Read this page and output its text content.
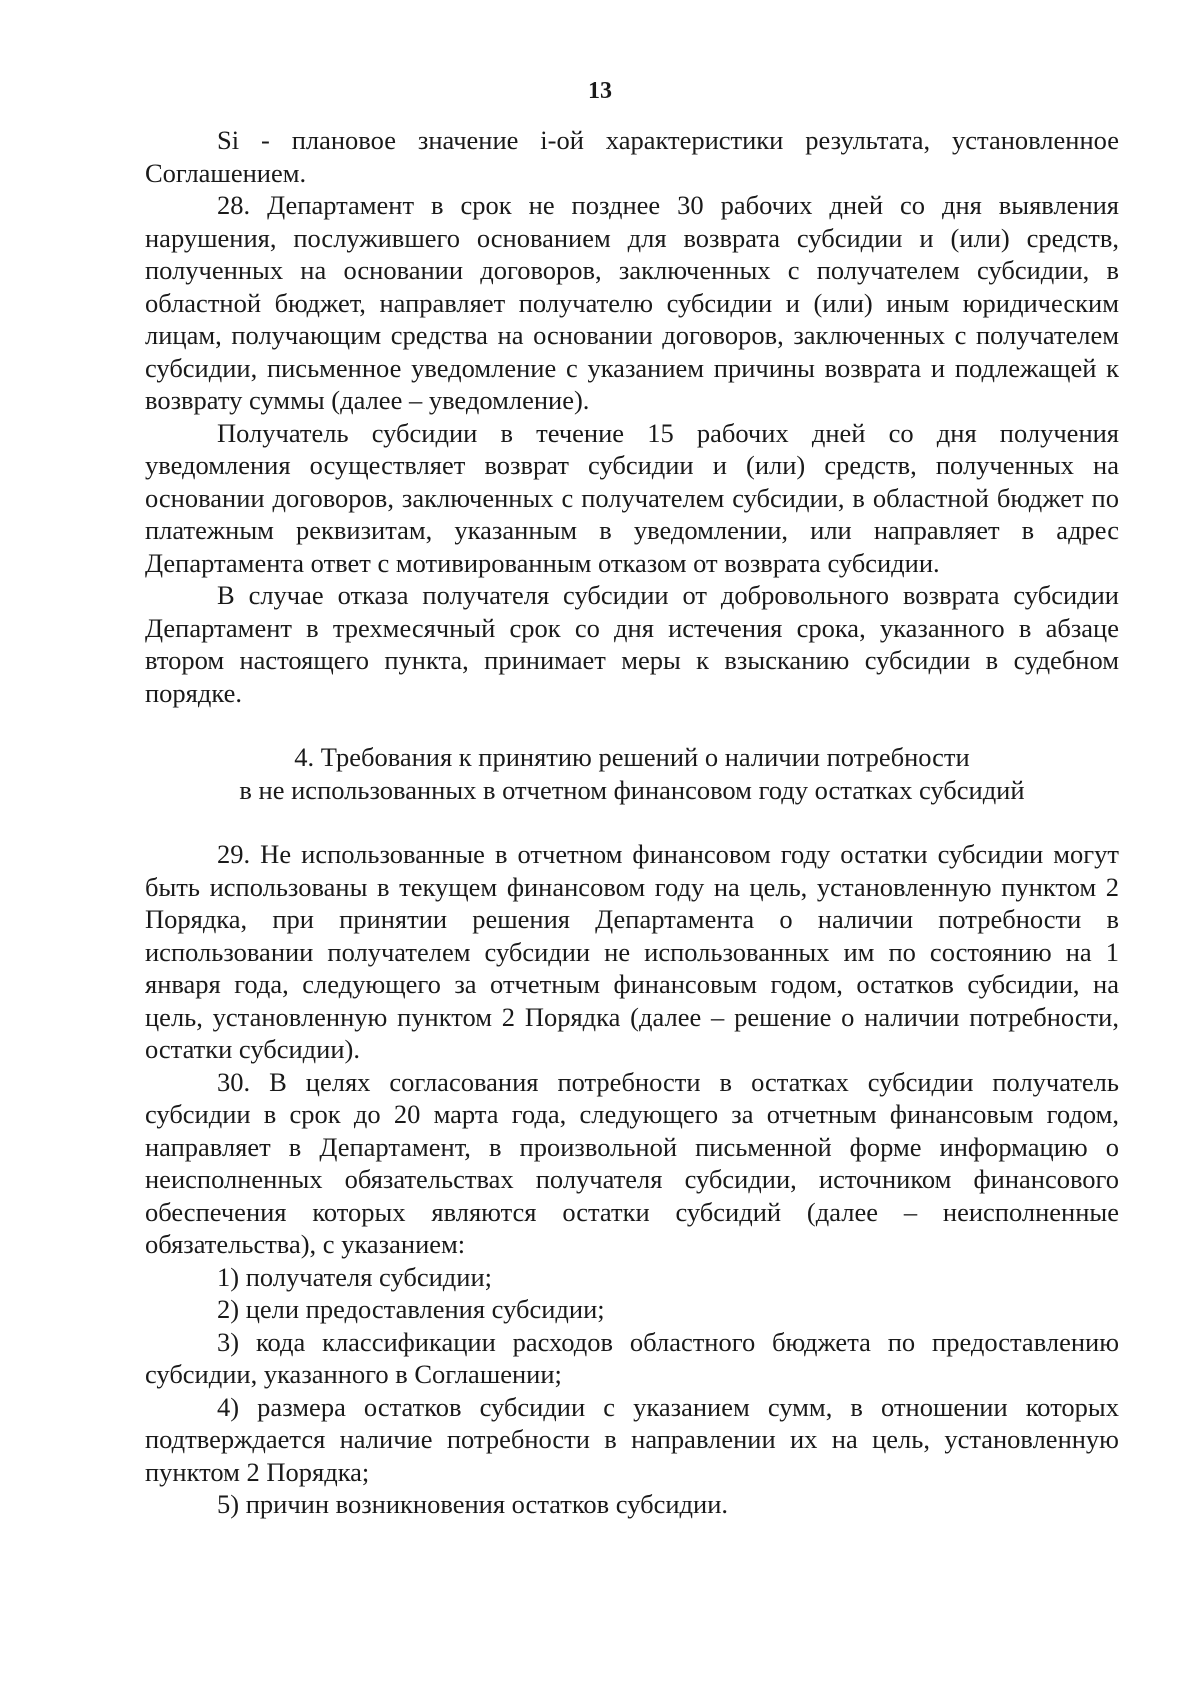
13

Si - плановое значение i-ой характеристики результата, установленное Соглашением.

28. Департамент в срок не позднее 30 рабочих дней со дня выявления нарушения, послужившего основанием для возврата субсидии и (или) средств, полученных на основании договоров, заключенных с получателем субсидии, в областной бюджет, направляет получателю субсидии и (или) иным юридическим лицам, получающим средства на основании договоров, заключенных с получателем субсидии, письменное уведомление с указанием причины возврата и подлежащей к возврату суммы (далее – уведомление).

Получатель субсидии в течение 15 рабочих дней со дня получения уведомления осуществляет возврат субсидии и (или) средств, полученных на основании договоров, заключенных с получателем субсидии, в областной бюджет по платежным реквизитам, указанным в уведомлении, или направляет в адрес Департамента ответ с мотивированным отказом от возврата субсидии.

В случае отказа получателя субсидии от добровольного возврата субсидии Департамент в трехмесячный срок со дня истечения срока, указанного в абзаце втором настоящего пункта, принимает меры к взысканию субсидии в судебном порядке.

4. Требования к принятию решений о наличии потребности

в не использованных в отчетном финансовом году остатках субсидий

29. Не использованные в отчетном финансовом году остатки субсидии могут быть использованы в текущем финансовом году на цель, установленную пунктом 2 Порядка, при принятии решения Департамента о наличии потребности в использовании получателем субсидии не использованных им по состоянию на 1 января года, следующего за отчетным финансовым годом, остатков субсидии, на цель, установленную пунктом 2 Порядка (далее – решение о наличии потребности, остатки субсидии).

30. В целях согласования потребности в остатках субсидии получатель субсидии в срок до 20 марта года, следующего за отчетным финансовым годом, направляет в Департамент, в произвольной письменной форме информацию о неисполненных обязательствах получателя субсидии, источником финансового обеспечения которых являются остатки субсидий (далее – неисполненные обязательства), с указанием:

1) получателя субсидии;

2) цели предоставления субсидии;

3) кода классификации расходов областного бюджета по предоставлению субсидии, указанного в Соглашении;

4) размера остатков субсидии с указанием сумм, в отношении которых подтверждается наличие потребности в направлении их на цель, установленную пунктом 2 Порядка;

5) причин возникновения остатков субсидии.
